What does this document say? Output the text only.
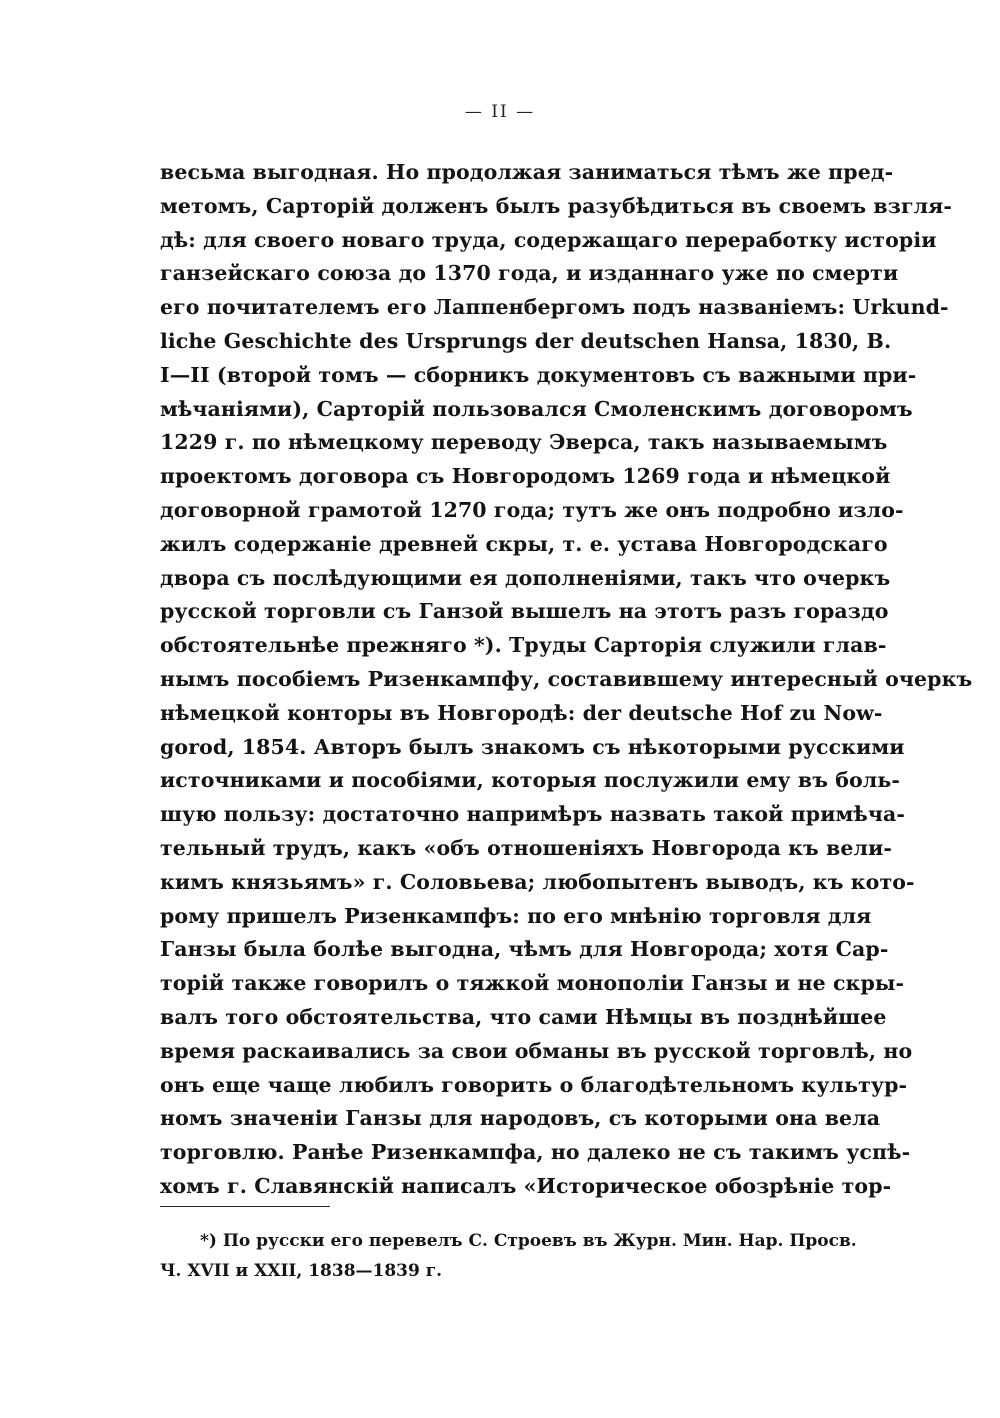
— II —
весьма выгодная. Но продолжая заниматься тѣмъ же пред-
метомъ, Сарторій долженъ былъ разубѣдиться въ своемъ взгля-
дѣ: для своего новаго труда, содержащаго переработку исторіи
ганзейскаго союза до 1370 года, и изданнаго уже по смерти
его почитателемъ его Лаппенбергомъ подъ названіемъ: Urkund-
liche Geschichte des Ursprungs der deutschen Hansa, 1830, B.
I—II (второй томъ — сборникъ документовъ съ важными при-
мѣчаніями), Сарторій пользовался Смоленскимъ договоромъ
1229 г. по нѣмецкому переводу Эверса, такъ называемымъ
проектомъ договора съ Новгородомъ 1269 года и нѣмецкой
договорной грамотой 1270 года; тутъ же онъ подробно изло-
жилъ содержаніе древней скры, т. е. устава Новгородскаго
двора съ послѣдующими ея дополненіями, такъ что очеркъ
русской торговли съ Ганзой вышелъ на этотъ разъ гораздо
обстоятельнѣе прежняго *). Труды Сарторія служили глав-
нымъ пособіемъ Ризенкампфу, составившему интересный очеркъ
нѣмецкой конторы въ Новгородѣ: der deutsche Hof zu Now-
gorod, 1854. Авторъ былъ знакомъ съ нѣкоторыми русскими
источниками и пособіями, которыя послужили ему въ боль-
шую пользу: достаточно напримѣръ назвать такой примѣча-
тельный трудъ, какъ «объ отношеніяхъ Новгорода къ вели-
кимъ князьямъ» г. Соловьева; любопытенъ выводъ, къ кото-
рому пришелъ Ризенкампфъ: по его мнѣнію торговля для
Ганзы была болѣе выгодна, чѣмъ для Новгорода; хотя Сар-
торій также говорилъ о тяжкой монополіи Ганзы и не скры-
валъ того обстоятельства, что сами Нѣмцы въ позднѣйшее
время раскаивались за свои обманы въ русской торговлѣ, но
онъ еще чаще любилъ говорить о благодѣтельномъ культур-
номъ значеніи Ганзы для народовъ, съ которыми она вела
торговлю. Ранѣе Ризенкампфа, но далеко не съ такимъ успѣ-
хомъ г. Славянскій написалъ «Историческое обозрѣніе тор-
*) По русски его перевелъ С. Строевъ въ Журн. Мин. Нар. Просв.
Ч. XVII и XXII, 1838—1839 г.
